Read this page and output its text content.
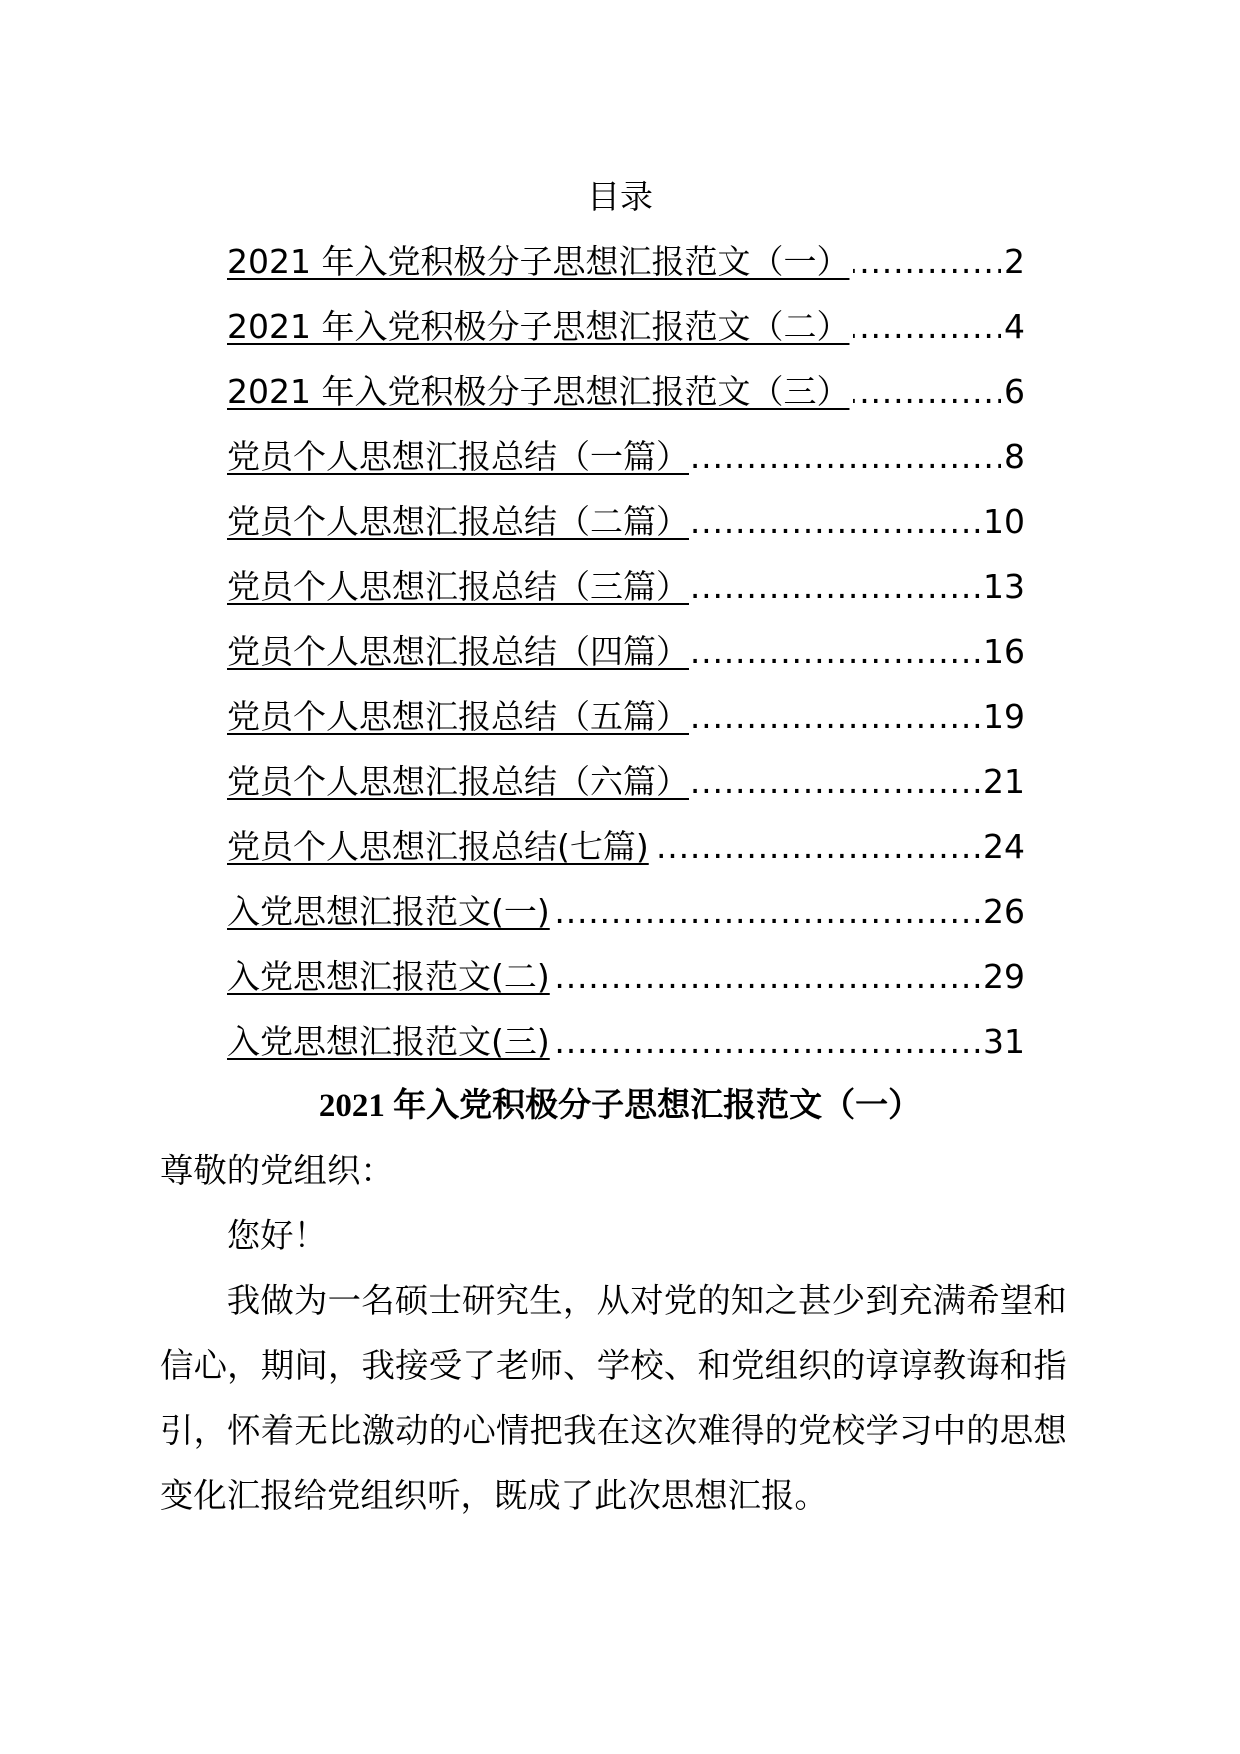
目录
.....
2021 年入党积极分子思想汇报范文（一）	2
.....
2021 年入党积极分子思想汇报范文（二）	4
.....
2021 年入党积极分子思想汇报范文（三）	6
.....
党员个人思想汇报总结（一篇）	8
.....
党员个人思想汇报总结（二篇）	10
.....
党员个人思想汇报总结（三篇）	13
.....
党员个人思想汇报总结（四篇）	16
.....
党员个人思想汇报总结（五篇）	19
.....
党员个人思想汇报总结（六篇）	21
.....
党员个人思想汇报总结(七篇)	24
.....
入党思想汇报范文(一)	26
.....
入党思想汇报范文(二)	29
.....
入党思想汇报范文(三)	31
2021 年入党积极分子思想汇报范文（一）
尊敬的党组织：
您好！

我做为一名硕士研究生，从对党的知之甚少到充满希望和信心，期间，我接受了老师、学校、和党组织的谆谆教诲和指引，怀着无比激动的心情把我在这次难得的党校学习中的思想变化汇报给党组织听，既成了此次思想汇报。
